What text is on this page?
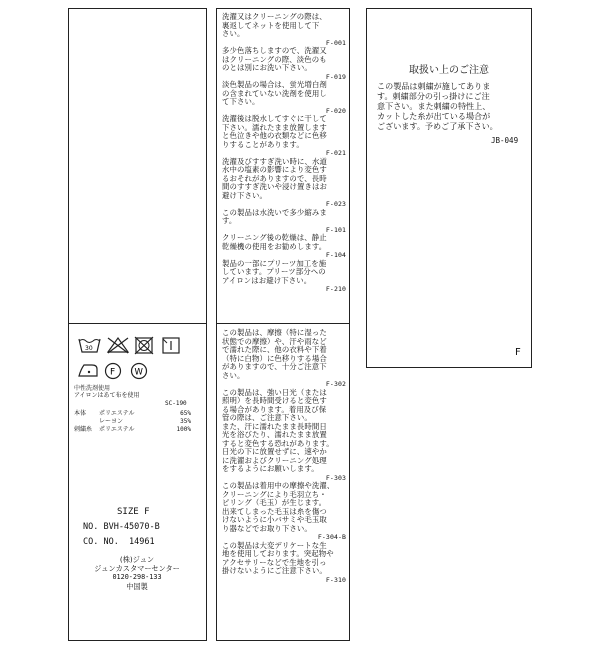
30
F W
中性洗剤使用
アイロンはあて布を使用
SC-190
本体 ポリエステル	65%
レーヨン	35%
刺繍糸 ポリエステル	100%
SIZE F
NO. BVH-45070-B
CO. NO.  14961
(株)ジュン
ジュンカスタマーセンター
0120-298-133
中国製

洗濯又はクリーニングの際は、

裏返してネットを使用して下

さい。

F-001

多少色落ちしますので、洗濯又

はクリーニングの際、淡色のも

のとは別にお洗い下さい。

F-019

淡色製品の場合は、蛍光増白剤

の含まれていない洗剤を使用し

て下さい。

F-020

洗濯後は脱水してすぐに干して

下さい。濡れたまま放置します

と色泣きや他の衣類などに色移

りすることがあります。

F-021

洗濯及びすすぎ洗い時に、水道

水中の塩素の影響により変色す

るおそれがありますので、長時

間のすすぎ洗いや浸け置きはお

避け下さい。

F-023

この製品は水洗いで多少縮みま

す。

F-101

クリーニング後の乾燥は、静止

乾燥機の使用をお勧めします。

F-104

製品の一部にプリーツ加工を施

しています。プリーツ部分への

アイロンはお避け下さい。

F-210

この製品は、摩擦（特に湿った

状態での摩擦）や、汗や雨など

で濡れた際に、他の衣料や下着

（特に白物）に色移りする場合

がありますので、十分ご注意下

さい。

F-302

この製品は、強い日光（または

照明）を長時間受けると変色す

る場合があります。着用及び保

管の際は、ご注意下さい。

また、汗に濡れたまま長時間日

光を浴びたり、濡れたまま放置

すると変色する恐れがあります。

日光の下に放置せずに、速やか

に洗濯およびクリーニング処理

をするようにお願いします。

F-303

この製品は着用中の摩擦や洗濯、

クリーニングにより毛羽立ち・

ピリング（毛玉）が生じます。

出来てしまった毛玉は糸を傷つ

けないように小バサミや毛玉取

り器などでお取り下さい。

F-304-B

この製品は大変デリケートな生

地を使用しております。突起物や

アクセサリーなどで生地を引っ

掛けないようにご注意下さい。

F-310

取扱い上のご注意
この製品は刺繍が施してありま
す。刺繍部分の引っ掛けにご注
意下さい。また刺繍の特性上、
カットした糸が出ている場合が
ございます。予めご了承下さい。
JB-049
F
